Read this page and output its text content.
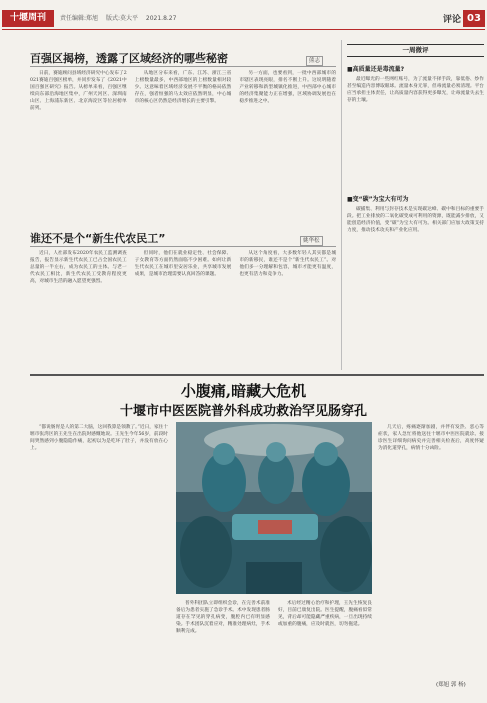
十堰周刊	责任编辑:郑旭 版式:莫大平 2021.8.27	评论 03
百强区揭榜，透露了区域经济的哪些秘密	熊志

日前，赛迪顾问县域经济研究中心发布了2021赛迪百强区榜单，并同步发布了《2021中国百强区研究》报告。从榜单来看，百强区继续向东部沿海地区集中，广州天河区、深圳南山区、上海浦东新区、北京海淀区等位居榜单前列。

从地区分布来看，广东、江苏、浙江三省上榜数量最多，中西部地区的上榜数量相对较少。这意味着区域经济发展不平衡的格局依然存在，强者恒强的马太效应依然明显，中心城市的核心区仍然是经济增长的主要引擎。

另一方面，也要看到，一批中西部城市的市辖区表现亮眼，排名不断上升。这说明随着产业转移和新型城镇化推进，中西部中心城市的经济集聚能力正在增强，区域协调发展也在稳步推进之中。

谁还不是个“新生代农民工”	姚华松

近日，人社部发布2020年农民工监测调查报告，报告显示新生代农民工已占全国农民工总量的一半左右，成为农民工的主体。与老一代农民工相比，新生代农民工受教育程度更高，对城市生活的融入愿望更强烈。

但同时，他们在就业稳定性、社会保障、子女教育等方面仍然面临不少困难。如何让新生代农民工在城市里安居乐业，共享城市发展成果，是城市治理需要认真回答的课题。

从这个角度看，大多数年轻人其实都是城市的新移民，谁还不是个“新生代农民工”。对他们多一分理解和包容，城市才能更有温度，也更有活力和竞争力。

一周微评
■高质量还是毒流量?

最近曝光的一些网红账号，为了流量不择手段，靠低俗、炒作甚至编造内容博取眼球。流量本身无罪，但毒流量必须清理。平台应当承担主体责任，让高质量内容获得更多曝光，让毒流量失去生存的土壤。

■变“碳”为宝大有可为

碳捕集、利用与封存技术是实现碳达峰、碳中和目标的重要手段。把工业排放的二氧化碳变成可利用的资源，既能减少排放，又能创造经济价值，变“碳”为宝大有可为。相关部门应加大政策支持力度，推动技术攻关和产业化应用。

小腹痛,暗藏大危机
十堰市中医医院普外科成功救治罕见肠穿孔

“都说肠胃是人的第二大脑，这回我算是领教了。”近日，家住十堰市张湾区的王先生在出院时感慨地说。王先生今年56岁，前段时间突然感到小腹隐隐作痛，起初以为是吃坏了肚子，并没有放在心上。

几天后，疼痛逐渐加剧，并伴有发热、恶心等症状，家人急忙将他送往十堰市中医医院就诊。接诊医生详细询问病史并完善相关检查后，高度怀疑为消化道穿孔，病情十分凶险。

普外科团队立即组织会诊，在完善术前准备后为患者实施了急诊手术。术中发现患者肠道存在罕见的穿孔病变，腹腔内已有明显感染。手术团队沉着应对，精准处理病灶，手术顺利完成。

术后经过精心治疗和护理，王先生恢复良好，目前已康复出院。医生提醒，腹痛看似常见，背后却可能隐藏严重疾病，一旦出现持续或加重的腹痛，应及时就医，切勿拖延。

(郑旭 郭 杨)
